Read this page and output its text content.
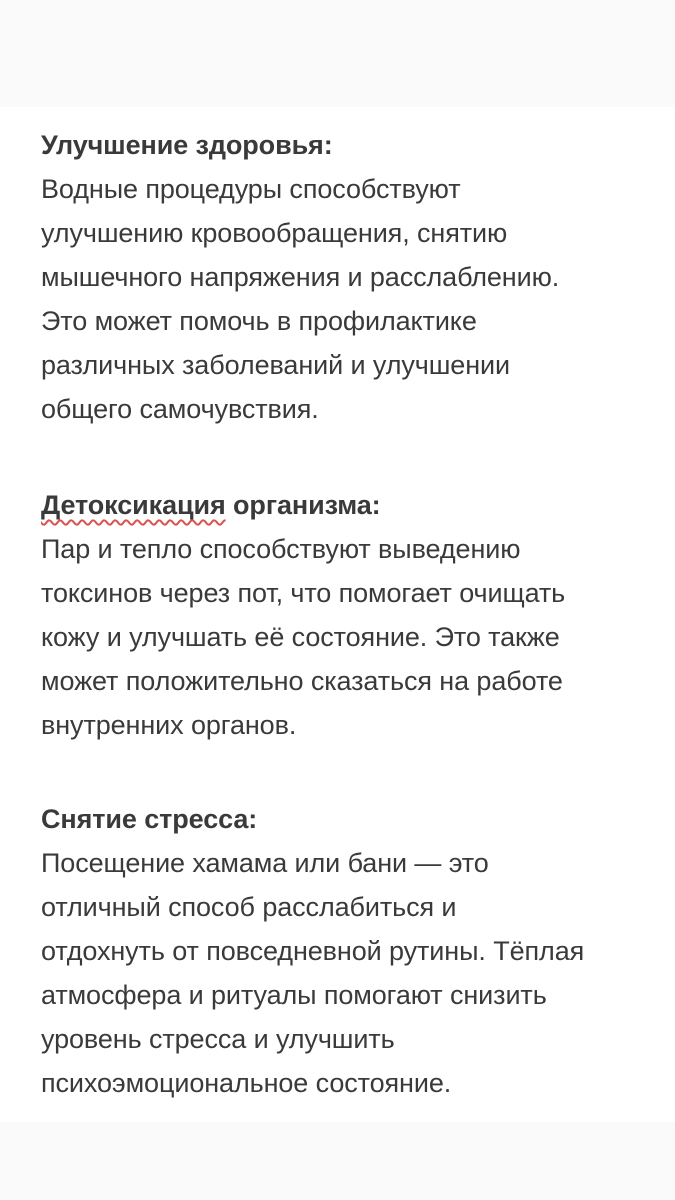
Улучшение здоровья:
Водные процедуры способствуют
улучшению кровообращения, снятию
мышечного напряжения и расслаблению.
Это может помочь в профилактике
различных заболеваний и улучшении
общего самочувствия.
Детоксикация организма:
Пар и тепло способствуют выведению
токсинов через пот, что помогает очищать
кожу и улучшать её состояние. Это также
может положительно сказаться на работе
внутренних органов.
Снятие стресса:
Посещение хамама или бани — это
отличный способ расслабиться и
отдохнуть от повседневной рутины. Тёплая
атмосфера и ритуалы помогают снизить
уровень стресса и улучшить
психоэмоциональное состояние.
